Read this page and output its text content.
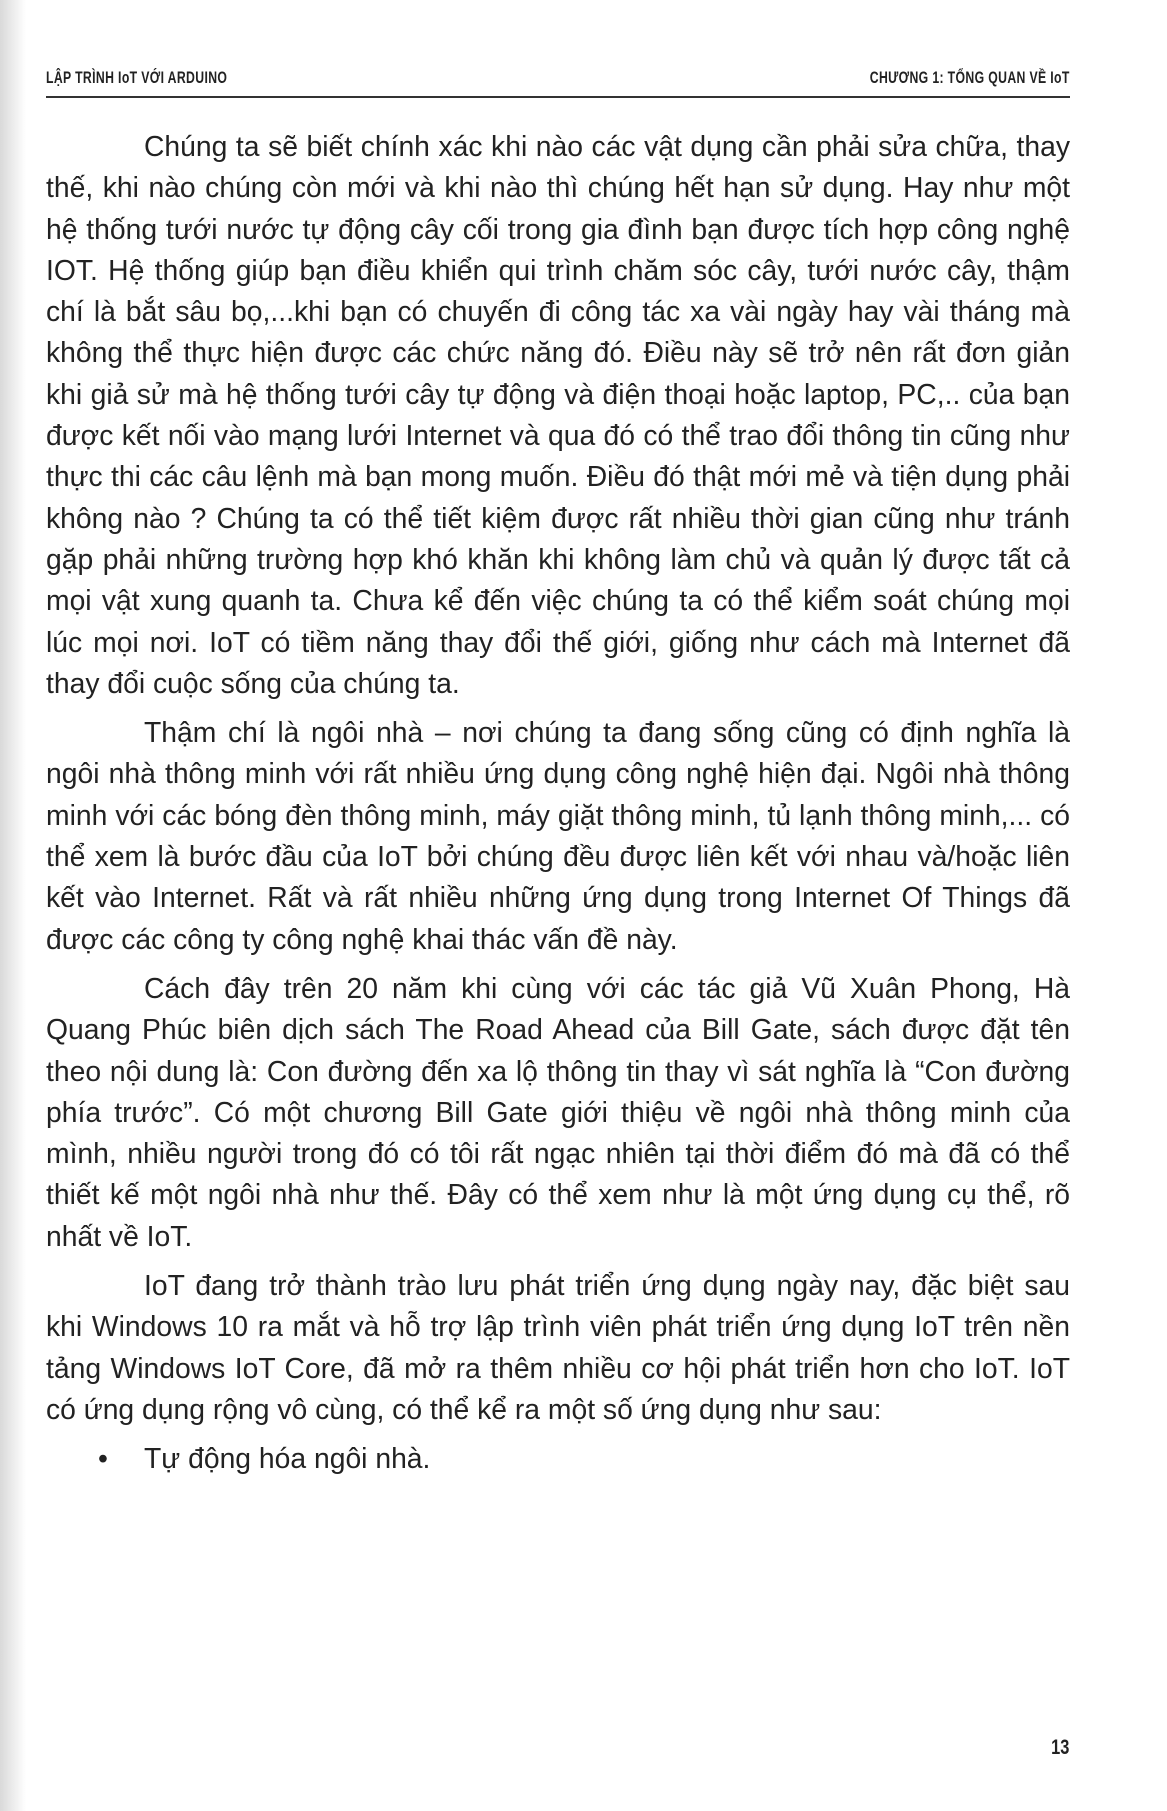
LẬP TRÌNH IoT VỚI ARDUINO	CHƯƠNG 1: TỔNG QUAN VỀ IoT

Chúng ta sẽ biết chính xác khi nào các vật dụng cần phải sửa chữa, thay thế, khi nào chúng còn mới và khi nào thì chúng hết hạn sử dụng. Hay như một hệ thống tưới nước tự động cây cối trong gia đình bạn được tích hợp công nghệ IOT. Hệ thống giúp bạn điều khiển qui trình chăm sóc cây, tưới nước cây, thậm chí là bắt sâu bọ,...khi bạn có chuyến đi công tác xa vài ngày hay vài tháng mà không thể thực hiện được các chức năng đó. Điều này sẽ trở nên rất đơn giản khi giả sử mà hệ thống tưới cây tự động và điện thoại hoặc laptop, PC,.. của bạn được kết nối vào mạng lưới Internet và qua đó có thể trao đổi thông tin cũng như thực thi các câu lệnh mà bạn mong muốn. Điều đó thật mới mẻ và tiện dụng phải không nào ? Chúng ta có thể tiết kiệm được rất nhiều thời gian cũng như tránh gặp phải những trường hợp khó khăn khi không làm chủ và quản lý được tất cả mọi vật xung quanh ta. Chưa kể đến việc chúng ta có thể kiểm soát chúng mọi lúc mọi nơi. IoT có tiềm năng thay đổi thế giới, giống như cách mà Internet đã thay đổi cuộc sống của chúng ta.

Thậm chí là ngôi nhà – nơi chúng ta đang sống cũng có định nghĩa là ngôi nhà thông minh với rất nhiều ứng dụng công nghệ hiện đại. Ngôi nhà thông minh với các bóng đèn thông minh, máy giặt thông minh, tủ lạnh thông minh,... có thể xem là bước đầu của IoT bởi chúng đều được liên kết với nhau và/hoặc liên kết vào Internet. Rất và rất nhiều những ứng dụng trong Internet Of Things đã được các công ty công nghệ khai thác vấn đề này.

Cách đây trên 20 năm khi cùng với các tác giả Vũ Xuân Phong, Hà Quang Phúc biên dịch sách The Road Ahead của Bill Gate, sách được đặt tên theo nội dung là: Con đường đến xa lộ thông tin thay vì sát nghĩa là “Con đường phía trước”. Có một chương Bill Gate giới thiệu về ngôi nhà thông minh của mình, nhiều người trong đó có tôi rất ngạc nhiên tại thời điểm đó mà đã có thể thiết kế một ngôi nhà như thế. Đây có thể xem như là một ứng dụng cụ thể, rõ nhất về IoT.

IoT đang trở thành trào lưu phát triển ứng dụng ngày nay, đặc biệt sau khi Windows 10 ra mắt và hỗ trợ lập trình viên phát triển ứng dụng IoT trên nền tảng Windows IoT Core, đã mở ra thêm nhiều cơ hội phát triển hơn cho IoT. IoT có ứng dụng rộng vô cùng, có thể kể ra một số ứng dụng như sau:

• Tự động hóa ngôi nhà.
13
